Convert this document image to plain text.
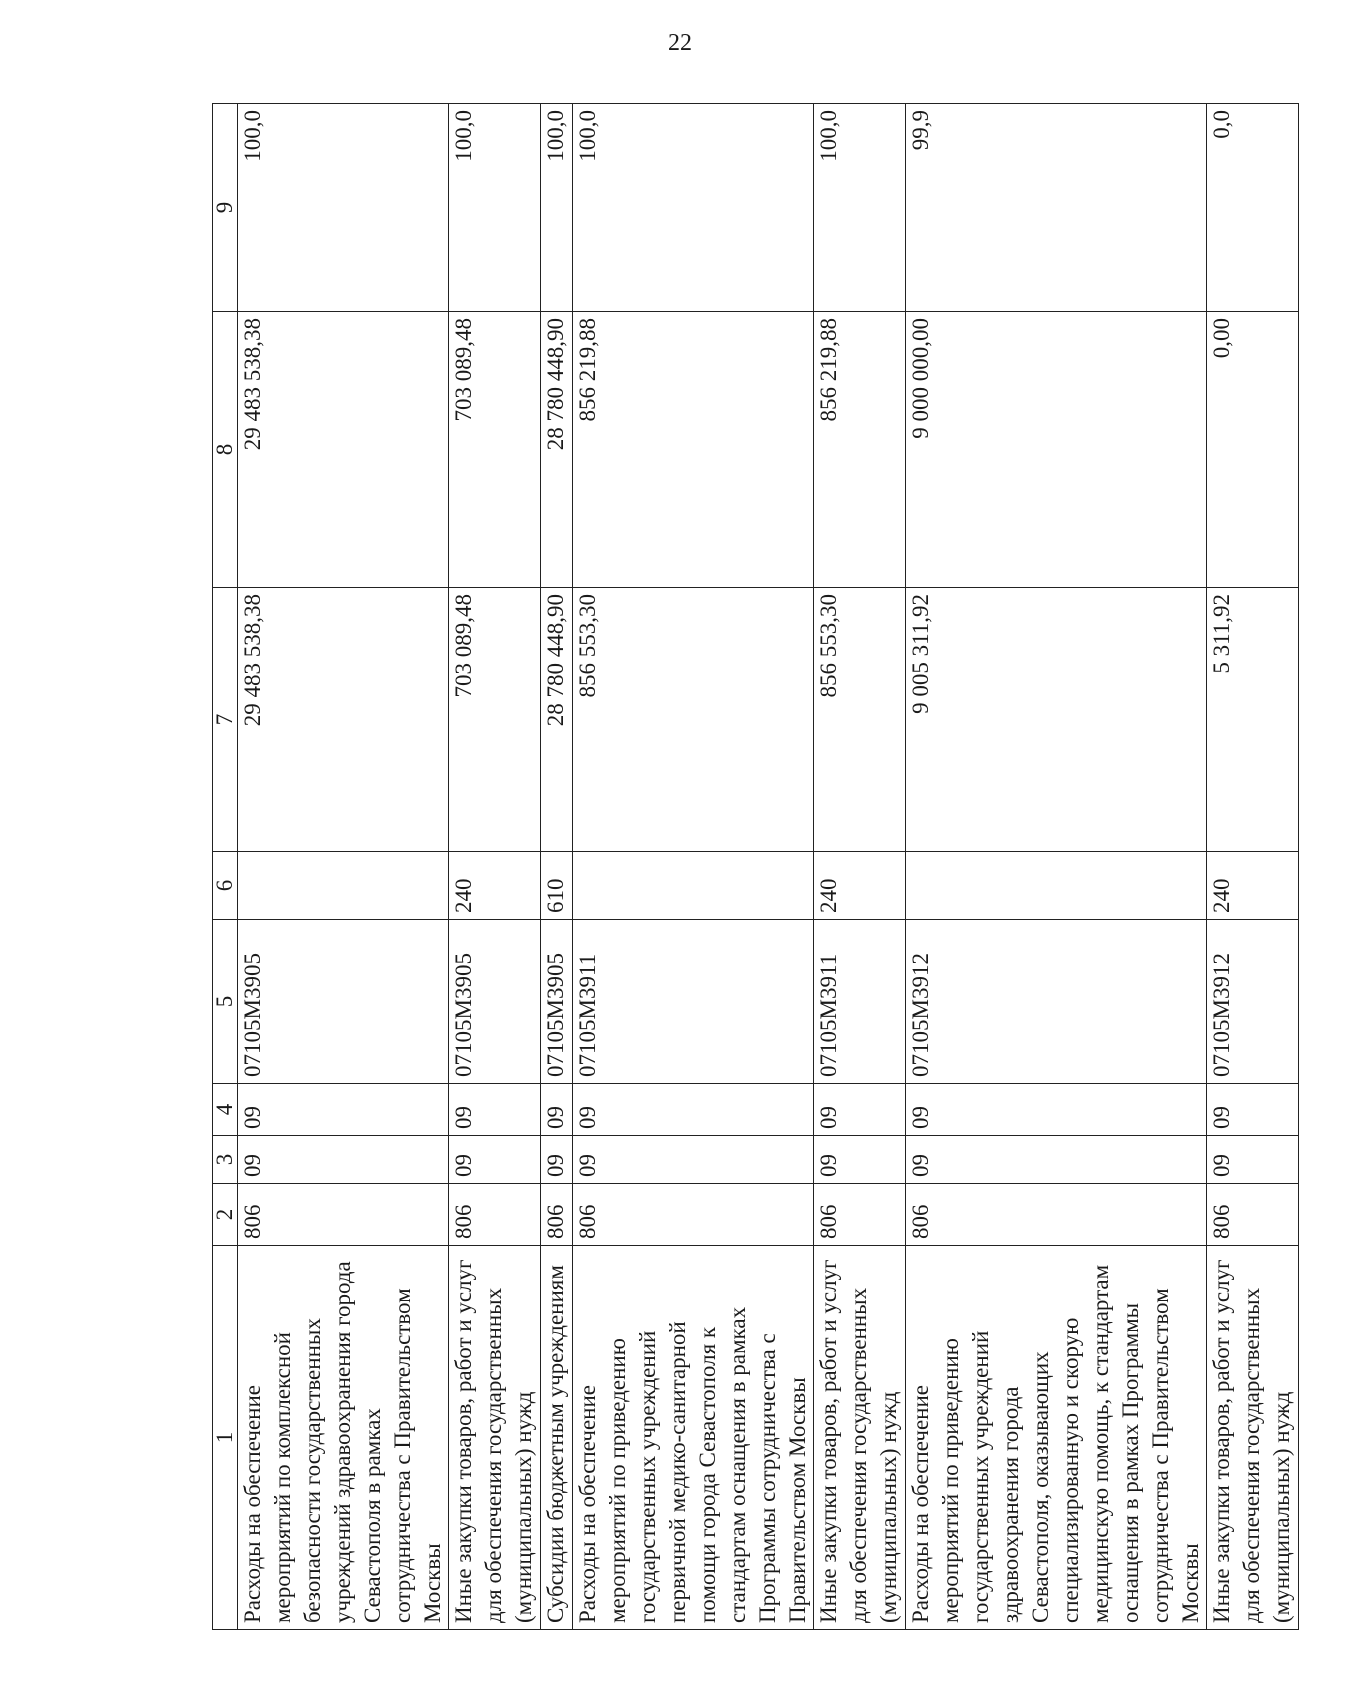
22
1	2	3	4	5	6	7	8	9
Расходы на обеспечение мероприятий по комплексной безопасности государственных учреждений здравоохранения города Севастополя в рамках сотрудничества с Правительством Москвы	806	09	09	07105М3905		29 483 538,38	29 483 538,38	100,0
Иные закупки товаров, работ и услуг для обеспечения государственных (муниципальных) нужд	806	09	09	07105М3905	240	703 089,48	703 089,48	100,0
Субсидии бюджетным учреждениям	806	09	09	07105М3905	610	28 780 448,90	28 780 448,90	100,0
Расходы на обеспечение мероприятий по приведению государственных учреждений первичной медико-санитарной помощи города Севастополя к стандартам оснащения в рамках Программы сотрудничества с Правительством Москвы	806	09	09	07105М3911		856 553,30	856 219,88	100,0
Иные закупки товаров, работ и услуг для обеспечения государственных (муниципальных) нужд	806	09	09	07105М3911	240	856 553,30	856 219,88	100,0
Расходы на обеспечение мероприятий по приведению государственных учреждений здравоохранения города Севастополя, оказывающих специализированную и скорую медицинскую помощь, к стандартам оснащения в рамках Программы сотрудничества с Правительством Москвы	806	09	09	07105М3912		9 005 311,92	9 000 000,00	99,9
Иные закупки товаров, работ и услуг для обеспечения государственных (муниципальных) нужд	806	09	09	07105М3912	240	5 311,92	0,00	0,0
